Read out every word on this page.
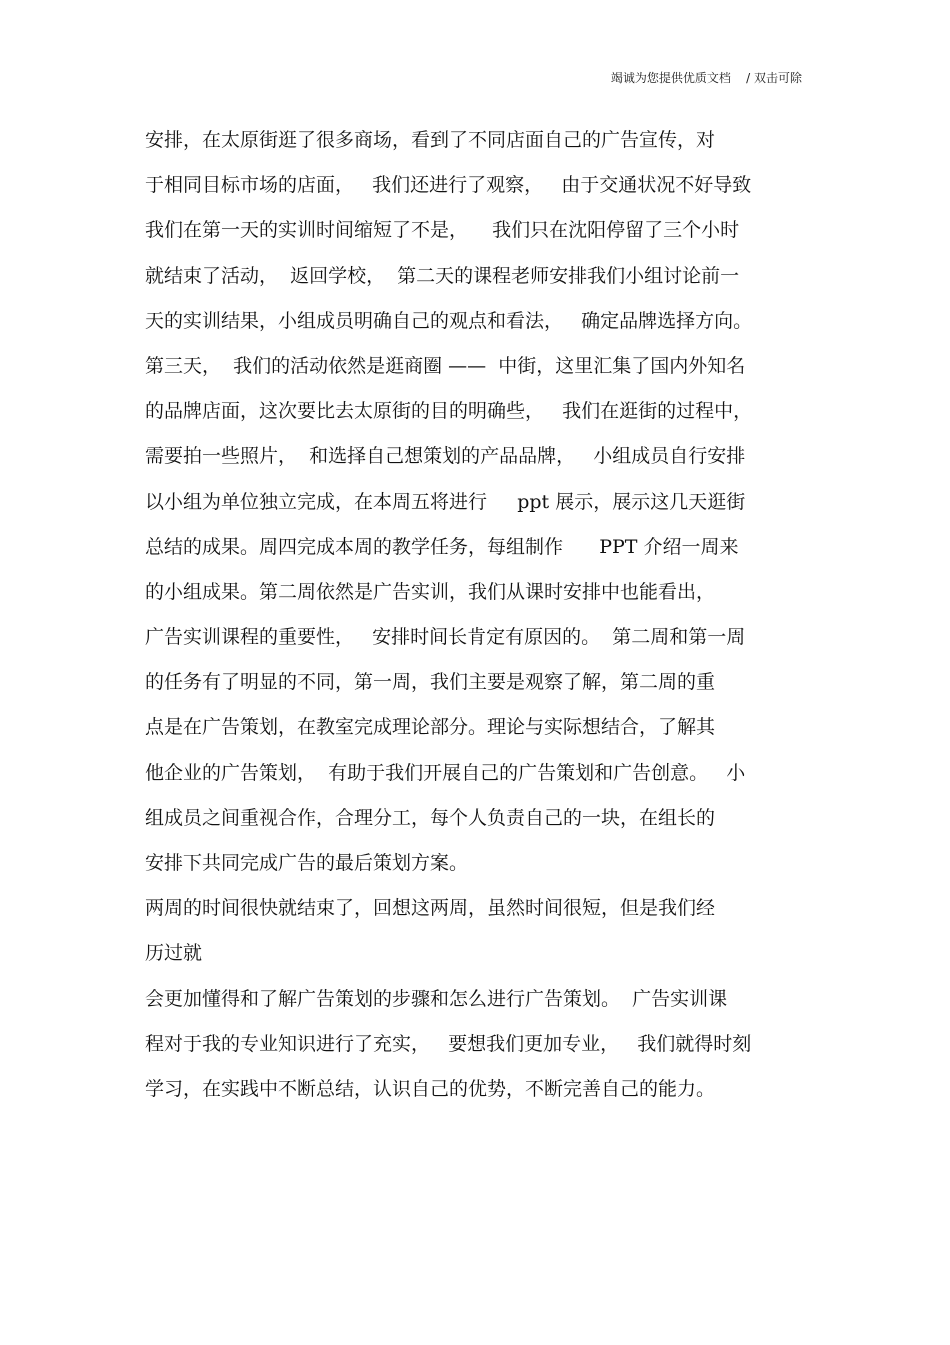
竭诚为您提供优质文档    / 双击可除
安排，在太原街逛了很多商场，看到了不同店面自己的广告宣传，对
于相同目标市场的店面，   我们还进行了观察，   由于交通状况不好导致
我们在第一天的实训时间缩短了不是，    我们只在沈阳停留了三个小时
就结束了活动，  返回学校，  第二天的课程老师安排我们小组讨论前一
天的实训结果，小组成员明确自己的观点和看法，   确定品牌选择方向。
第三天，  我们的活动依然是逛商圈 ——  中街，这里汇集了国内外知名
的品牌店面，这次要比去太原街的目的明确些，   我们在逛街的过程中，
需要拍一些照片，  和选择自己想策划的产品品牌，   小组成员自行安排
以小组为单位独立完成，在本周五将进行     ppt 展示，展示这几天逛街
总结的成果。周四完成本周的教学任务，每组制作      PPT 介绍一周来
的小组成果。第二周依然是广告实训，我们从课时安排中也能看出，
广告实训课程的重要性，   安排时间长肯定有原因的。  第二周和第一周
的任务有了明显的不同，第一周，我们主要是观察了解，第二周的重
点是在广告策划，在教室完成理论部分。理论与实际想结合，了解其
他企业的广告策划，  有助于我们开展自己的广告策划和广告创意。   小
组成员之间重视合作，合理分工，每个人负责自己的一块，在组长的
安排下共同完成广告的最后策划方案。
两周的时间很快就结束了，回想这两周，虽然时间很短，但是我们经
历过就
会更加懂得和了解广告策划的步骤和怎么进行广告策划。  广告实训课
程对于我的专业知识进行了充实，   要想我们更加专业，   我们就得时刻
学习，在实践中不断总结，认识自己的优势，不断完善自己的能力。
